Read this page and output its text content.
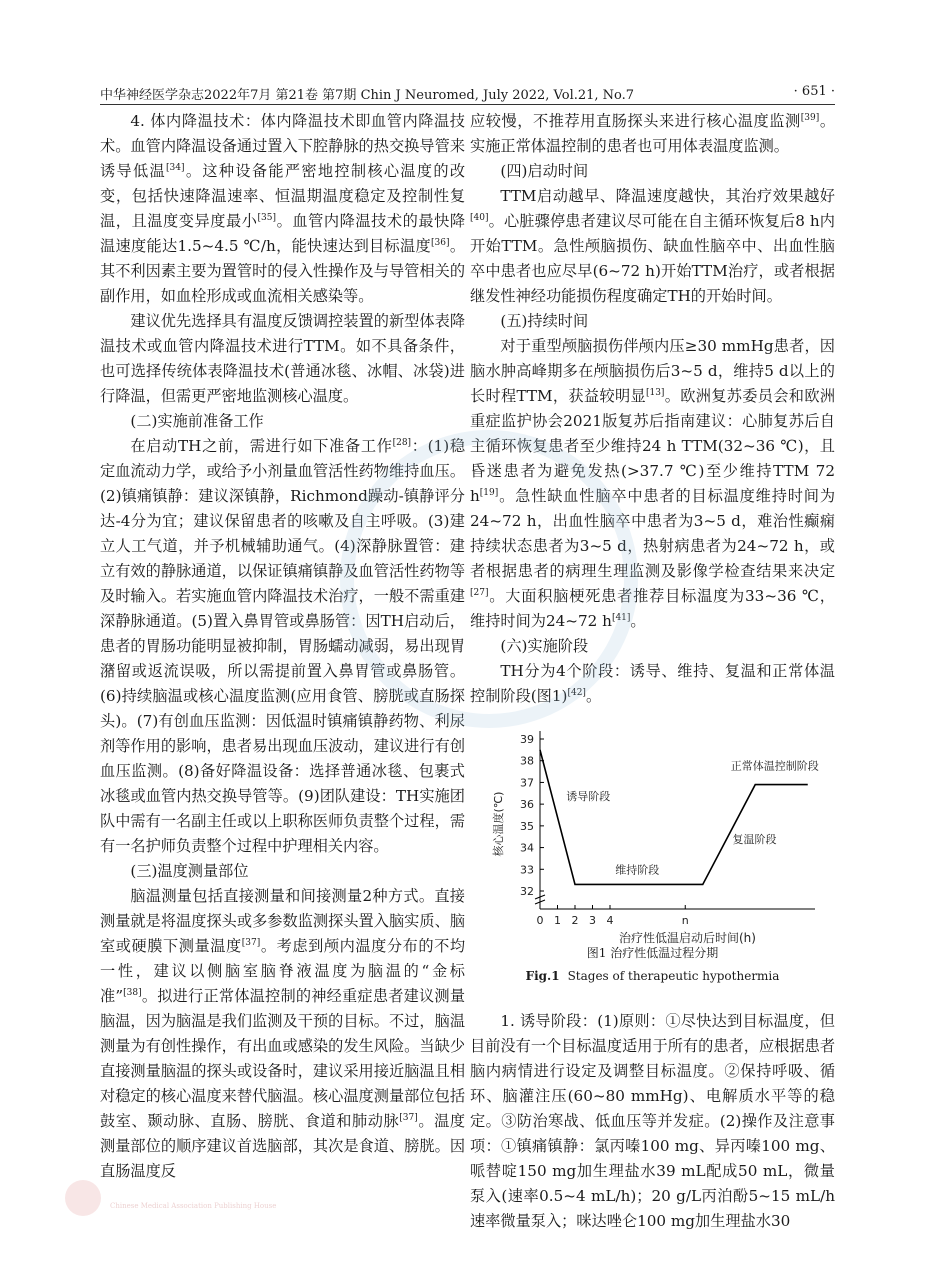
中华神经医学杂志2022年7月 第21卷 第7期 Chin J Neuromed, July 2022, Vol.21, No.7	· 651 ·

4. 体内降温技术：体内降温技术即血管内降温技术。血管内降温设备通过置入下腔静脉的热交换导管来诱导低温[34]。这种设备能严密地控制核心温度的改变，包括快速降温速率、恒温期温度稳定及控制性复温，且温度变异度最小[35]。血管内降温技术的最快降温速度能达1.5~4.5 ℃/h，能快速达到目标温度[36]。其不利因素主要为置管时的侵入性操作及与导管相关的副作用，如血栓形成或血流相关感染等。

建议优先选择具有温度反馈调控装置的新型体表降温技术或血管内降温技术进行TTM。如不具备条件，也可选择传统体表降温技术(普通冰毯、冰帽、冰袋)进行降温，但需更严密地监测核心温度。

(二)实施前准备工作

在启动TH之前，需进行如下准备工作[28]：(1)稳定血流动力学，或给予小剂量血管活性药物维持血压。(2)镇痛镇静：建议深镇静，Richmond躁动-镇静评分达-4分为宜；建议保留患者的咳嗽及自主呼吸。(3)建立人工气道，并予机械辅助通气。(4)深静脉置管：建立有效的静脉通道，以保证镇痛镇静及血管活性药物等及时输入。若实施血管内降温技术治疗，一般不需重建深静脉通道。(5)置入鼻胃管或鼻肠管：因TH启动后，患者的胃肠功能明显被抑制，胃肠蠕动减弱，易出现胃潴留或返流误吸，所以需提前置入鼻胃管或鼻肠管。(6)持续脑温或核心温度监测(应用食管、膀胱或直肠探头)。(7)有创血压监测：因低温时镇痛镇静药物、利尿剂等作用的影响，患者易出现血压波动，建议进行有创血压监测。(8)备好降温设备：选择普通冰毯、包裹式冰毯或血管内热交换导管等。(9)团队建设：TH实施团队中需有一名副主任或以上职称医师负责整个过程，需有一名护师负责整个过程中护理相关内容。

(三)温度测量部位

脑温测量包括直接测量和间接测量2种方式。直接测量就是将温度探头或多参数监测探头置入脑实质、脑室或硬膜下测量温度[37]。考虑到颅内温度分布的不均一性，建议以侧脑室脑脊液温度为脑温的“金标准”[38]。拟进行正常体温控制的神经重症患者建议测量脑温，因为脑温是我们监测及干预的目标。不过，脑温测量为有创性操作，有出血或感染的发生风险。当缺少直接测量脑温的探头或设备时，建议采用接近脑温且相对稳定的核心温度来替代脑温。核心温度测量部位包括鼓室、颞动脉、直肠、膀胱、食道和肺动脉[37]。温度测量部位的顺序建议首选脑部，其次是食道、膀胱。因直肠温度反

应较慢，不推荐用直肠探头来进行核心温度监测[39]。实施正常体温控制的患者也可用体表温度监测。

(四)启动时间

TTM启动越早、降温速度越快，其治疗效果越好[40]。心脏骤停患者建议尽可能在自主循环恢复后8 h内开始TTM。急性颅脑损伤、缺血性脑卒中、出血性脑卒中患者也应尽早(6~72 h)开始TTM治疗，或者根据继发性神经功能损伤程度确定TH的开始时间。

(五)持续时间

对于重型颅脑损伤伴颅内压≥30 mmHg患者，因脑水肿高峰期多在颅脑损伤后3~5 d，维持5 d以上的长时程TTM，获益较明显[13]。欧洲复苏委员会和欧洲重症监护协会2021版复苏后指南建议：心肺复苏后自主循环恢复患者至少维持24 h TTM(32~36 ℃)，且昏迷患者为避免发热(>37.7 ℃)至少维持TTM 72 h[19]。急性缺血性脑卒中患者的目标温度维持时间为24~72 h，出血性脑卒中患者为3~5 d，难治性癫痫持续状态患者为3~5 d，热射病患者为24~72 h，或者根据患者的病理生理监测及影像学检查结果来决定[27]。大面积脑梗死患者推荐目标温度为33~36 ℃，维持时间为24~72 h[41]。

(六)实施阶段

TH分为4个阶段：诱导、维持、复温和正常体温控制阶段(图1)[42]。

32
33
34
35
36
37
38
39
0 1 2 3 4	n
核心温度(℃)
治疗性低温启动后时间(h)
诱导阶段
维持阶段
复温阶段
正常体温控制阶段
图1 治疗性低温过程分期
Fig.1 Stages of therapeutic hypothermia

1. 诱导阶段：(1)原则：①尽快达到目标温度，但目前没有一个目标温度适用于所有的患者，应根据患者脑内病情进行设定及调整目标温度。②保持呼吸、循环、脑灌注压(60~80 mmHg)、电解质水平等的稳定。③防治寒战、低血压等并发症。(2)操作及注意事项：①镇痛镇静：氯丙嗪100 mg、异丙嗪100 mg、哌替啶150 mg加生理盐水39 mL配成50 mL，微量泵入(速率0.5~4 mL/h)；20 g/L丙泊酚5~15 mL/h速率微量泵入；咪达唑仑100 mg加生理盐水30

Chinese Medical Association Publishing House
